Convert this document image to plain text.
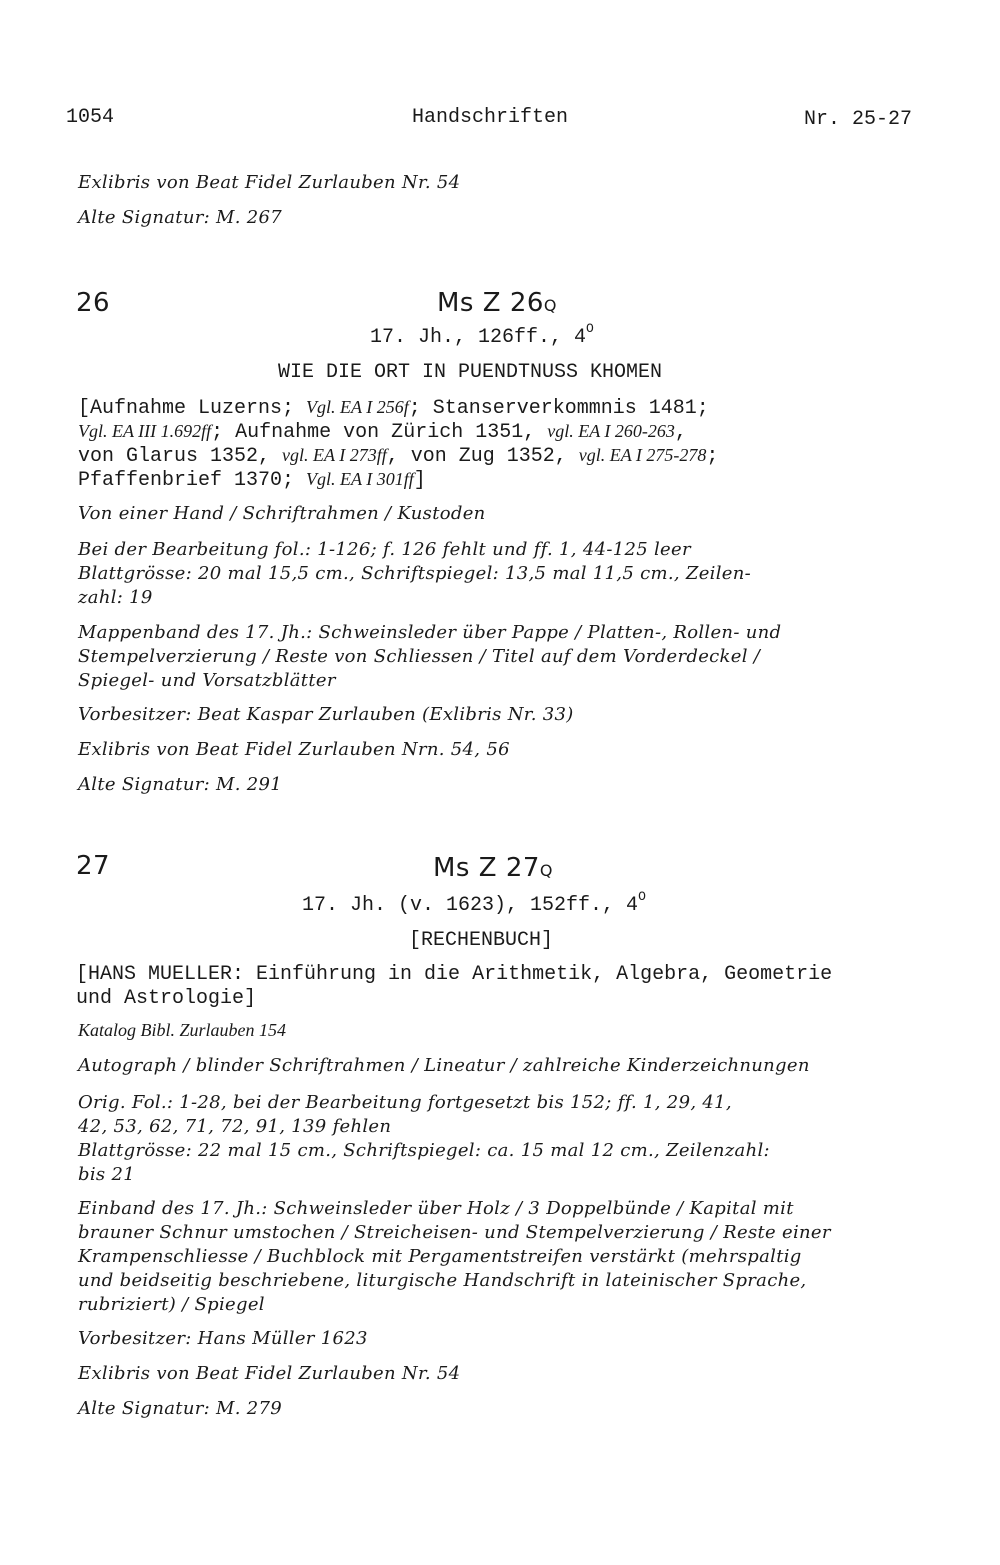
1054	Handschriften	Nr. 25-27
Exlibris von Beat Fidel Zurlauben Nr. 54
Alte Signatur: M. 267
26	Ms Z 26Q
17. Jh., 126ff., $4^O$
WIE DIE ORT IN PUENDTNUSS KHOMEN
[Aufnahme Luzerns; Vgl. EA I 256f; Stanserverkommnis 1481;
Vgl. EA III 1.692ff; Aufnahme von Zürich 1351, vgl. EA I 260-263,
von Glarus 1352, vgl. EA I 273ff, von Zug 1352, vgl. EA I 275-278;
Pfaffenbrief 1370; Vgl. EA I 301ff]
Von einer Hand / Schriftrahmen / Kustoden
Bei der Bearbeitung fol.: 1-126; f. 126 fehlt und ff. 1, 44-125 leer
Blattgrösse: 20 mal 15,5 cm., Schriftspiegel: 13,5 mal 11,5 cm., Zeilen-
zahl: 19
Mappenband des 17. Jh.: Schweinsleder über Pappe / Platten-, Rollen- und
Stempelverzierung / Reste von Schliessen / Titel auf dem Vorderdeckel /
Spiegel- und Vorsatzblätter
Vorbesitzer: Beat Kaspar Zurlauben (Exlibris Nr. 33)
Exlibris von Beat Fidel Zurlauben Nrn. 54, 56
Alte Signatur: M. 291
27	Ms Z 27Q
17. Jh. (v. 1623), 152ff., $4^O$
[RECHENBUCH]
[HANS MUELLER: Einführung in die Arithmetik, Algebra, Geometrie
und Astrologie]
Katalog Bibl. Zurlauben 154
Autograph / blinder Schriftrahmen / Lineatur / zahlreiche Kinderzeichnungen
Orig. Fol.: 1-28, bei der Bearbeitung fortgesetzt bis 152; ff. 1, 29, 41,
42, 53, 62, 71, 72, 91, 139 fehlen
Blattgrösse: 22 mal 15 cm., Schriftspiegel: ca. 15 mal 12 cm., Zeilenzahl:
bis 21
Einband des 17. Jh.: Schweinsleder über Holz / 3 Doppelbünde / Kapital mit
brauner Schnur umstochen / Streicheisen- und Stempelverzierung / Reste einer
Krampenschliesse / Buchblock mit Pergamentstreifen verstärkt (mehrspaltig
und beidseitig beschriebene, liturgische Handschrift in lateinischer Sprache,
rubriziert) / Spiegel
Vorbesitzer: Hans Müller 1623
Exlibris von Beat Fidel Zurlauben Nr. 54
Alte Signatur: M. 279
